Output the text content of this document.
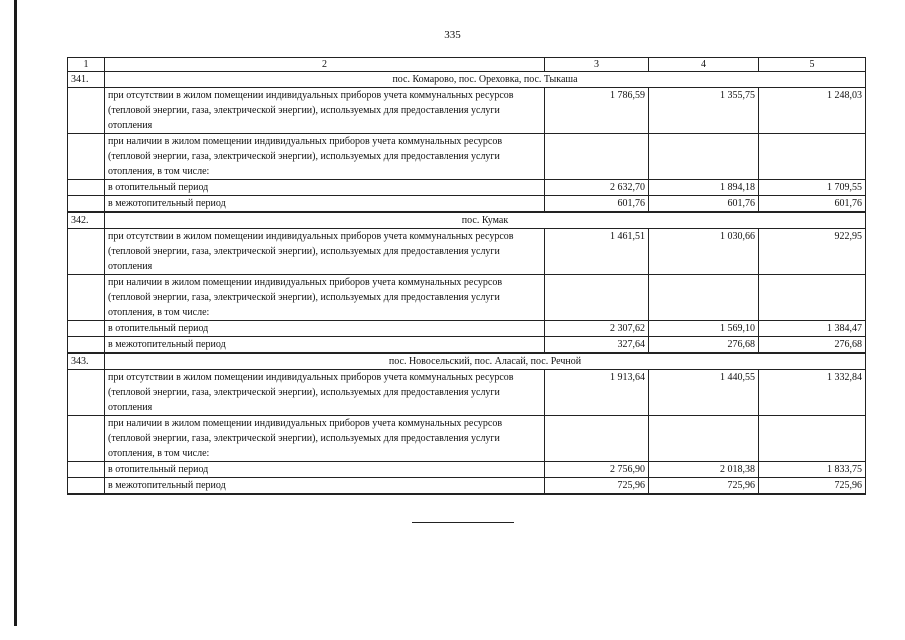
335
1	2	3	4	5
341.	пос. Комарово, пос. Ореховка, пос. Тыкаша			
	при отсутствии в жилом помещении индивидуальных приборов учета коммунальных ресурсов (тепловой энергии, газа, электрической энергии), используемых для предоставления услуги отопления	1 786,59	1 355,75	1 248,03
	при наличии в жилом помещении индивидуальных приборов учета коммунальных ресурсов (тепловой энергии, газа, электрической энергии), используемых для предоставления услуги отопления, в том числе:			
	в отопительный период	2 632,70	1 894,18	1 709,55
	в межотопительный период	601,76	601,76	601,76
342.	пос. Кумак			
	при отсутствии в жилом помещении индивидуальных приборов учета коммунальных ресурсов (тепловой энергии, газа, электрической энергии), используемых для предоставления услуги отопления	1 461,51	1 030,66	922,95
	при наличии в жилом помещении индивидуальных приборов учета коммунальных ресурсов (тепловой энергии, газа, электрической энергии), используемых для предоставления услуги отопления, в том числе:			
	в отопительный период	2 307,62	1 569,10	1 384,47
	в межотопительный период	327,64	276,68	276,68
343.	пос. Новосельский, пос. Аласай, пос. Речной			
	при отсутствии в жилом помещении индивидуальных приборов учета коммунальных ресурсов (тепловой энергии, газа, электрической энергии), используемых для предоставления услуги отопления	1 913,64	1 440,55	1 332,84
	при наличии в жилом помещении индивидуальных приборов учета коммунальных ресурсов (тепловой энергии, газа, электрической энергии), используемых для предоставления услуги отопления, в том числе:			
	в отопительный период	2 756,90	2 018,38	1 833,75
	в межотопительный период	725,96	725,96	725,96
